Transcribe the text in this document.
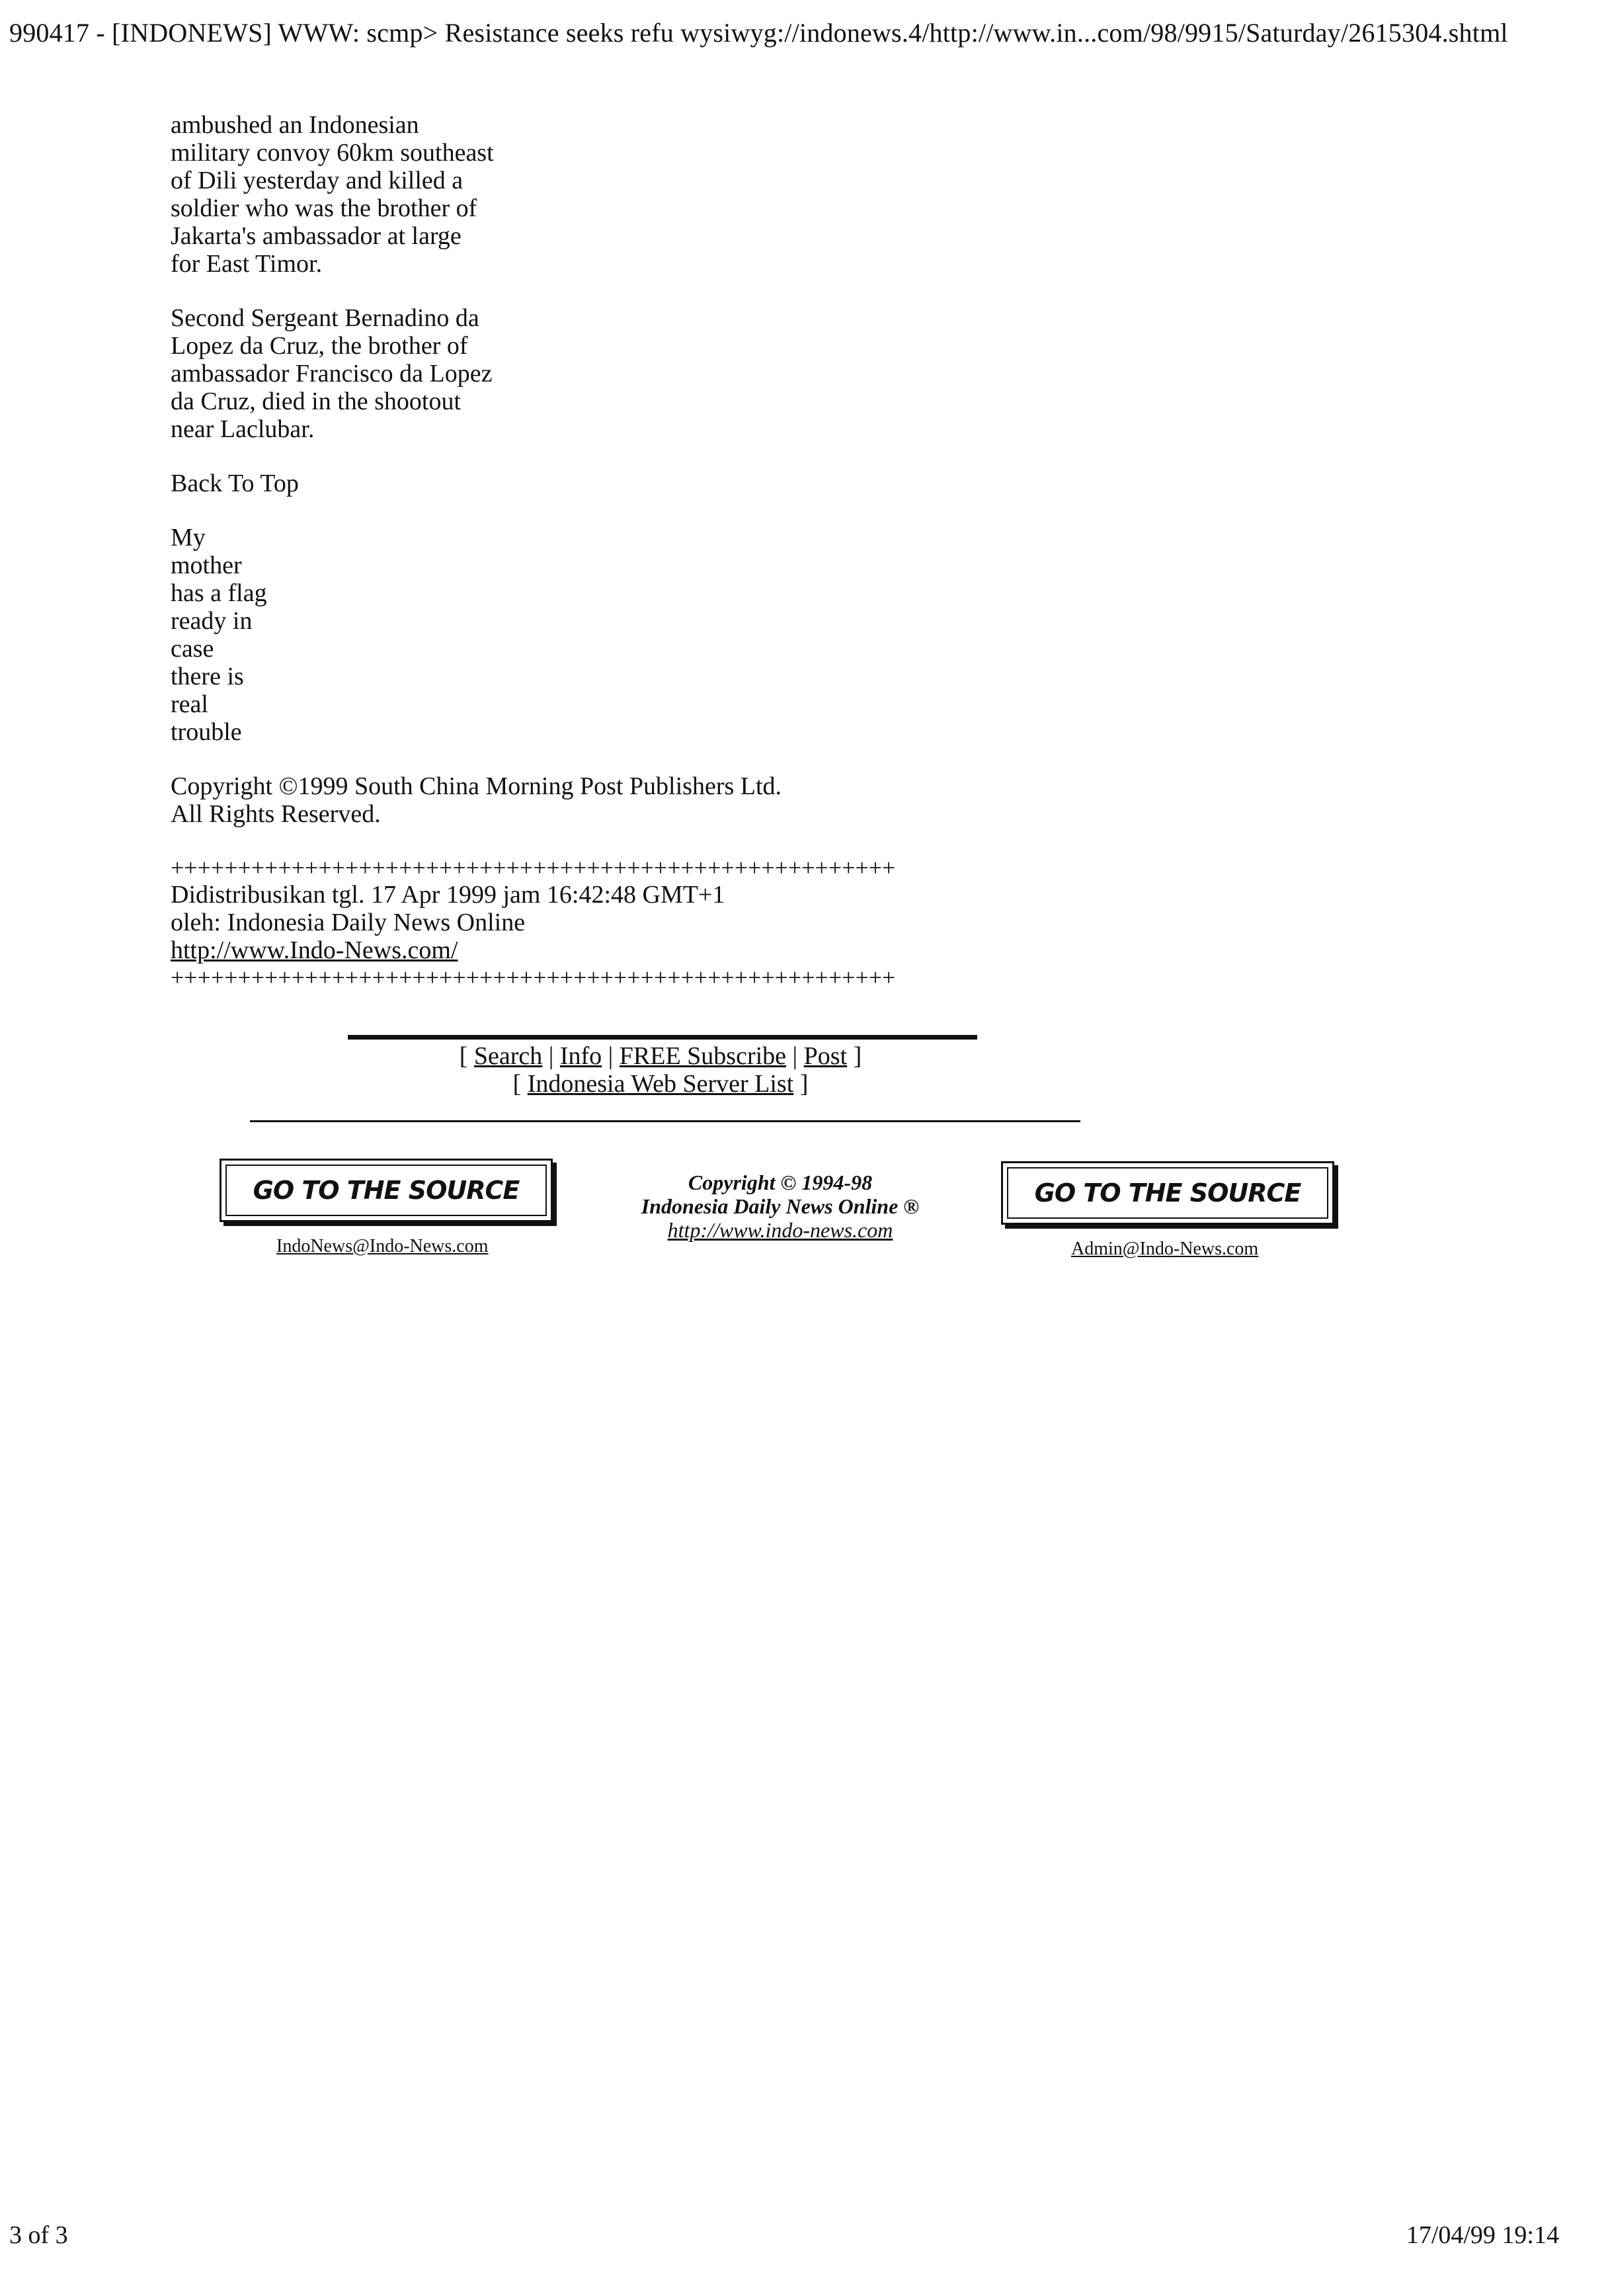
990417 - [INDONEWS] WWW: scmp> Resistance seeks refu wysiwyg://indonews.4/http://www.in...com/98/9915/Saturday/2615304.shtml
ambushed an Indonesian
military convoy 60km southeast
of Dili yesterday and killed a
soldier who was the brother of
Jakarta's ambassador at large
for East Timor.
Second Sergeant Bernadino da
Lopez da Cruz, the brother of
ambassador Francisco da Lopez
da Cruz, died in the shootout
near Laclubar.
Back To Top
My
mother
has a flag
ready in
case
there is
real
trouble
Copyright ©1999 South China Morning Post Publishers Ltd.
All Rights Reserved.
++++++++++++++++++++++++++++++++++++++++++++++++++++++
Didistribusikan tgl. 17 Apr 1999 jam 16:42:48 GMT+1
oleh: Indonesia Daily News Online
http://www.Indo-News.com/
++++++++++++++++++++++++++++++++++++++++++++++++++++++
[ Search | Info | FREE Subscribe | Post ]
[ Indonesia Web Server List ]
GO TO THE SOURCE
IndoNews@Indo-News.com
Copyright © 1994-98
Indonesia Daily News Online ®
http://www.indo-news.com
GO TO THE SOURCE
Admin@Indo-News.com
3 of 3	17/04/99 19:14
